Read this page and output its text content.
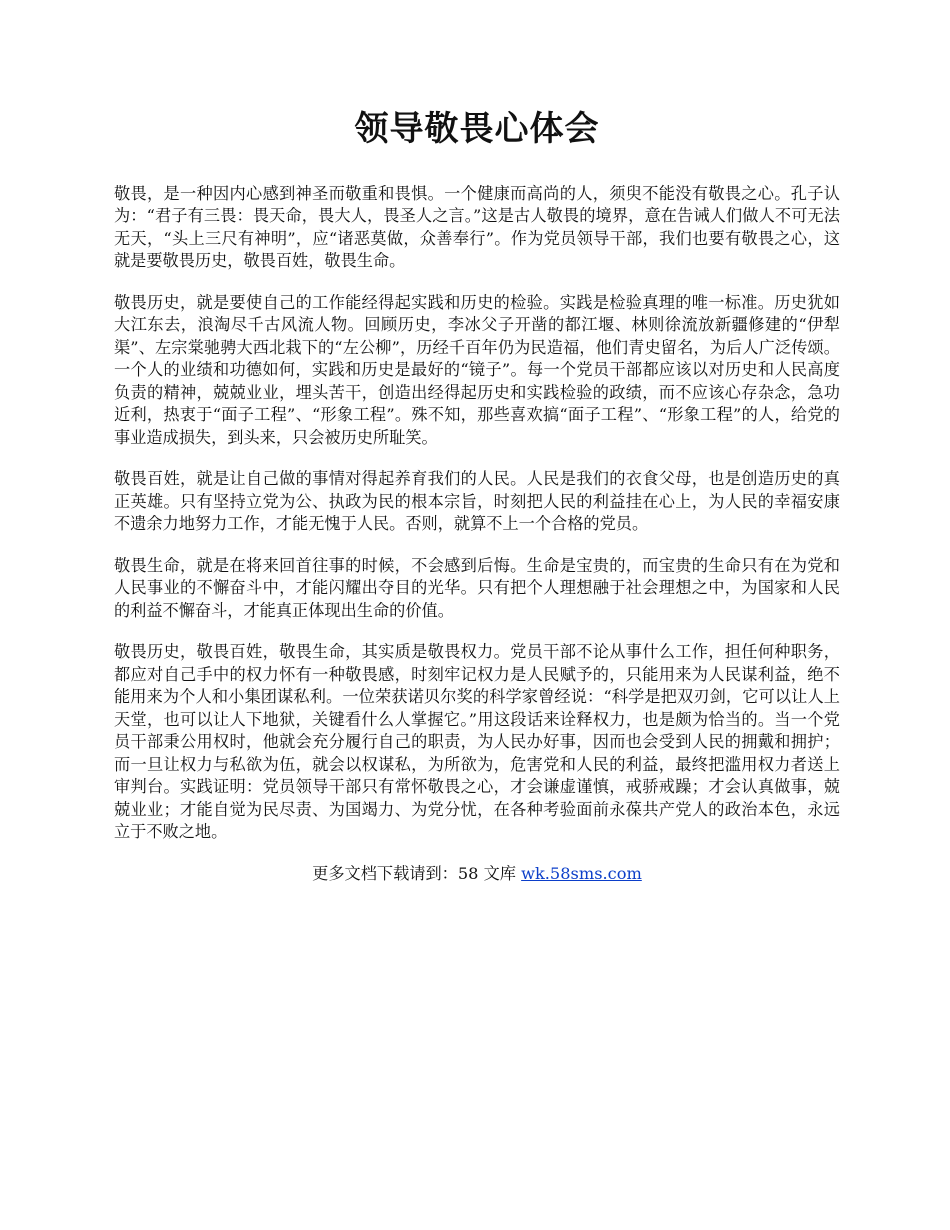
领导敬畏心体会

敬畏，是一种因内心感到神圣而敬重和畏惧。一个健康而高尚的人，须臾不能没有敬畏之心。孔子认为：“君子有三畏：畏天命，畏大人，畏圣人之言。”这是古人敬畏的境界，意在告诫人们做人不可无法无天，“头上三尺有神明”，应“诸恶莫做，众善奉行”。作为党员领导干部，我们也要有敬畏之心，这就是要敬畏历史，敬畏百姓，敬畏生命。

敬畏历史，就是要使自己的工作能经得起实践和历史的检验。实践是检验真理的唯一标准。历史犹如大江东去，浪淘尽千古风流人物。回顾历史，李冰父子开凿的都江堰、林则徐流放新疆修建的“伊犁渠”、左宗棠驰骋大西北栽下的“左公柳”，历经千百年仍为民造福，他们青史留名，为后人广泛传颂。一个人的业绩和功德如何，实践和历史是最好的“镜子”。每一个党员干部都应该以对历史和人民高度负责的精神，兢兢业业，埋头苦干，创造出经得起历史和实践检验的政绩，而不应该心存杂念，急功近利，热衷于“面子工程”、“形象工程”。殊不知，那些喜欢搞“面子工程”、“形象工程”的人，给党的事业造成损失，到头来，只会被历史所耻笑。

敬畏百姓，就是让自己做的事情对得起养育我们的人民。人民是我们的衣食父母，也是创造历史的真正英雄。只有坚持立党为公、执政为民的根本宗旨，时刻把人民的利益挂在心上，为人民的幸福安康不遗余力地努力工作，才能无愧于人民。否则，就算不上一个合格的党员。

敬畏生命，就是在将来回首往事的时候，不会感到后悔。生命是宝贵的，而宝贵的生命只有在为党和人民事业的不懈奋斗中，才能闪耀出夺目的光华。只有把个人理想融于社会理想之中，为国家和人民的利益不懈奋斗，才能真正体现出生命的价值。

敬畏历史，敬畏百姓，敬畏生命，其实质是敬畏权力。党员干部不论从事什么工作，担任何种职务，都应对自己手中的权力怀有一种敬畏感，时刻牢记权力是人民赋予的，只能用来为人民谋利益，绝不能用来为个人和小集团谋私利。一位荣获诺贝尔奖的科学家曾经说：“科学是把双刃剑，它可以让人上天堂，也可以让人下地狱，关键看什么人掌握它。”用这段话来诠释权力，也是颇为恰当的。当一个党员干部秉公用权时，他就会充分履行自己的职责，为人民办好事，因而也会受到人民的拥戴和拥护；而一旦让权力与私欲为伍，就会以权谋私，为所欲为，危害党和人民的利益，最终把滥用权力者送上审判台。实践证明：党员领导干部只有常怀敬畏之心，才会谦虚谨慎，戒骄戒躁；才会认真做事，兢兢业业；才能自觉为民尽责、为国竭力、为党分忧，在各种考验面前永葆共产党人的政治本色，永远立于不败之地。

更多文档下载请到：58 文库 wk.58sms.com
